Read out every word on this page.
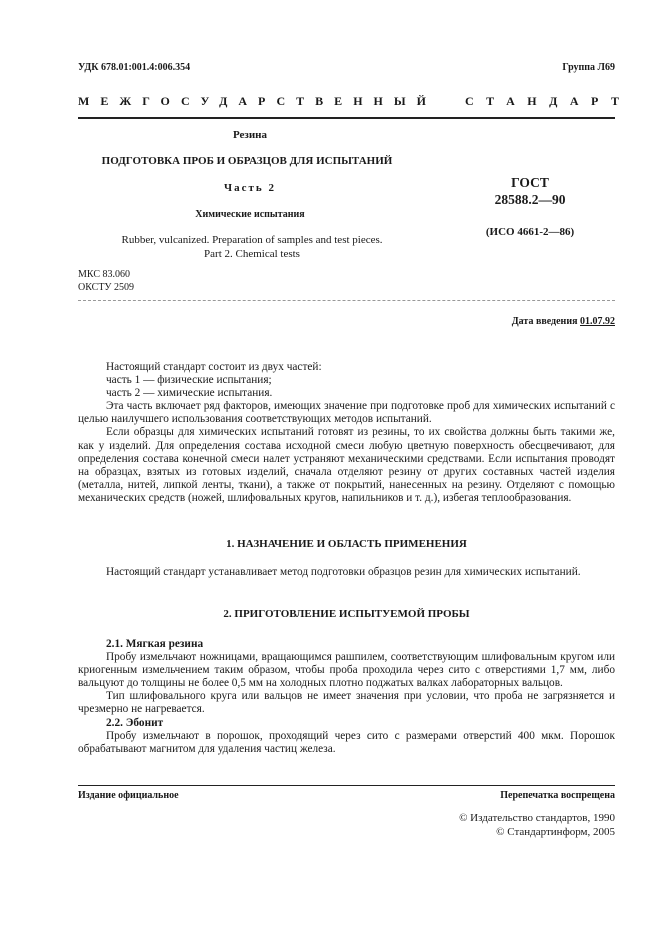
УДК 678.01:001.4:006.354	Группа Л69
МЕЖГОСУДАРСТВЕННЫЙ СТАНДАРТ
Резина
ПОДГОТОВКА ПРОБ И ОБРАЗЦОВ ДЛЯ ИСПЫТАНИЙ
Часть 2
Химические испытания
Rubber, vulcanized. Preparation of samples and test pieces.
Part 2. Chemical tests
ГОСТ
28588.2—90
(ИСО 4661-2—86)
МКС 83.060
ОКСТУ 2509
Дата введения 01.07.92

Настоящий стандарт состоит из двух частей:

часть 1 — физические испытания;

часть 2 — химические испытания.

Эта часть включает ряд факторов, имеющих значение при подготовке проб для химических испытаний с целью наилучшего использования соответствующих методов испытаний.

Если образцы для химических испытаний готовят из резины, то их свойства должны быть такими же, как у изделий. Для определения состава исходной смеси любую цветную поверхность обесцвечивают, для определения состава конечной смеси налет устраняют механическими средствами. Если испытания проводят на образцах, взятых из готовых изделий, сначала отделяют резину от других составных частей изделия (металла, нитей, липкой ленты, ткани), а также от покрытий, нанесенных на резину. Отделяют с помощью механических средств (ножей, шлифовальных кругов, напильников и т. д.), избегая теплообразования.

1. НАЗНАЧЕНИЕ И ОБЛАСТЬ ПРИМЕНЕНИЯ

Настоящий стандарт устанавливает метод подготовки образцов резин для химических испытаний.

2. ПРИГОТОВЛЕНИЕ ИСПЫТУЕМОЙ ПРОБЫ

2.1. Мягкая резина

Пробу измельчают ножницами, вращающимся рашпилем, соответствующим шлифовальным кругом или криогенным измельчением таким образом, чтобы проба проходила через сито с отверстиями 1,7 мм, либо вальцуют до толщины не более 0,5 мм на холодных плотно поджатых валках лабораторных вальцов.

Тип шлифовального круга или вальцов не имеет значения при условии, что проба не загрязняется и чрезмерно не нагревается.

2.2. Эбонит

Пробу измельчают в порошок, проходящий через сито с размерами отверстий 400 мкм. Порошок обрабатывают магнитом для удаления частиц железа.

Издание официальное	Перепечатка воспрещена
© Издательство стандартов, 1990
© Стандартинформ, 2005
